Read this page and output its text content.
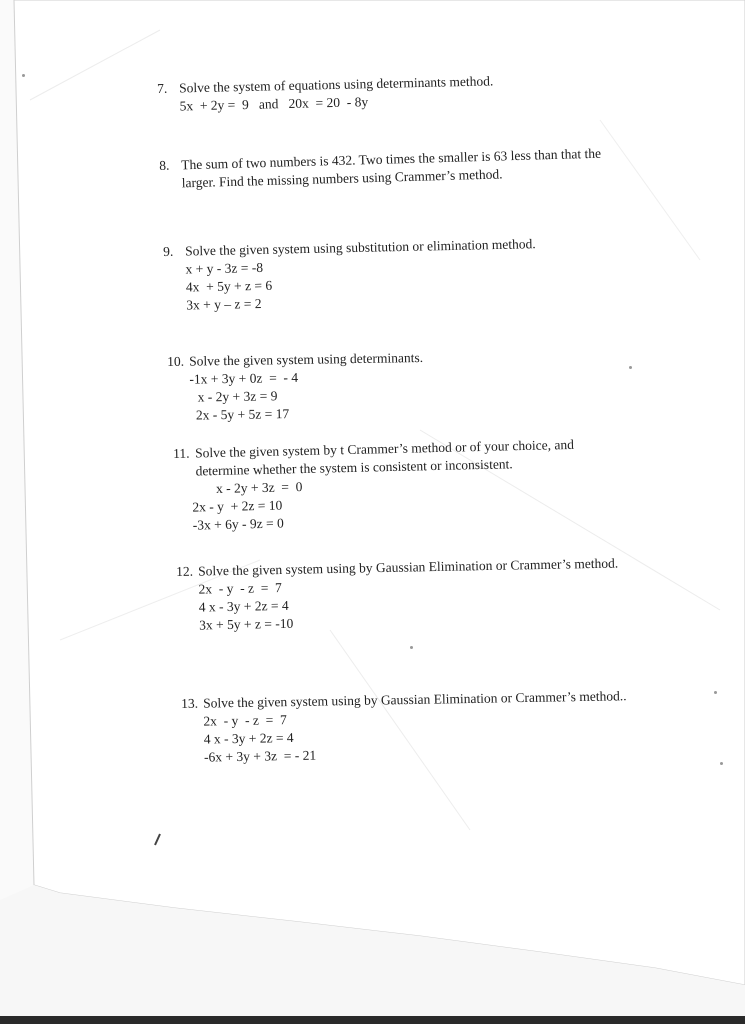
7. Solve the system of equations using determinants method.
5x  + 2y =  9   and   20x  = 20  - 8y
8. The sum of two numbers is 432. Two times the smaller is 63 less than that the
larger. Find the missing numbers using Crammer’s method.
9. Solve the given system using substitution or elimination method.
x + y - 3z = -8
4x  + 5y + z = 6
3x + y – z = 2
10. Solve the given system using determinants.
-1x + 3y + 0z  =  - 4
x - 2y + 3z = 9
2x - 5y + 5z = 17
11. Solve the given system by t Crammer’s method or of your choice, and
determine whether the system is consistent or inconsistent.
x - 2y + 3z  =  0
2x - y  + 2z = 10
-3x + 6y - 9z = 0
12. Solve the given system using by Gaussian Elimination or Crammer’s method.
2x  - y  - z  =  7
4 x - 3y + 2z = 4
3x + 5y + z = -10
13. Solve the given system using by Gaussian Elimination or Crammer’s method..
2x  - y  - z  =  7
4 x - 3y + 2z = 4
-6x + 3y + 3z  = - 21
